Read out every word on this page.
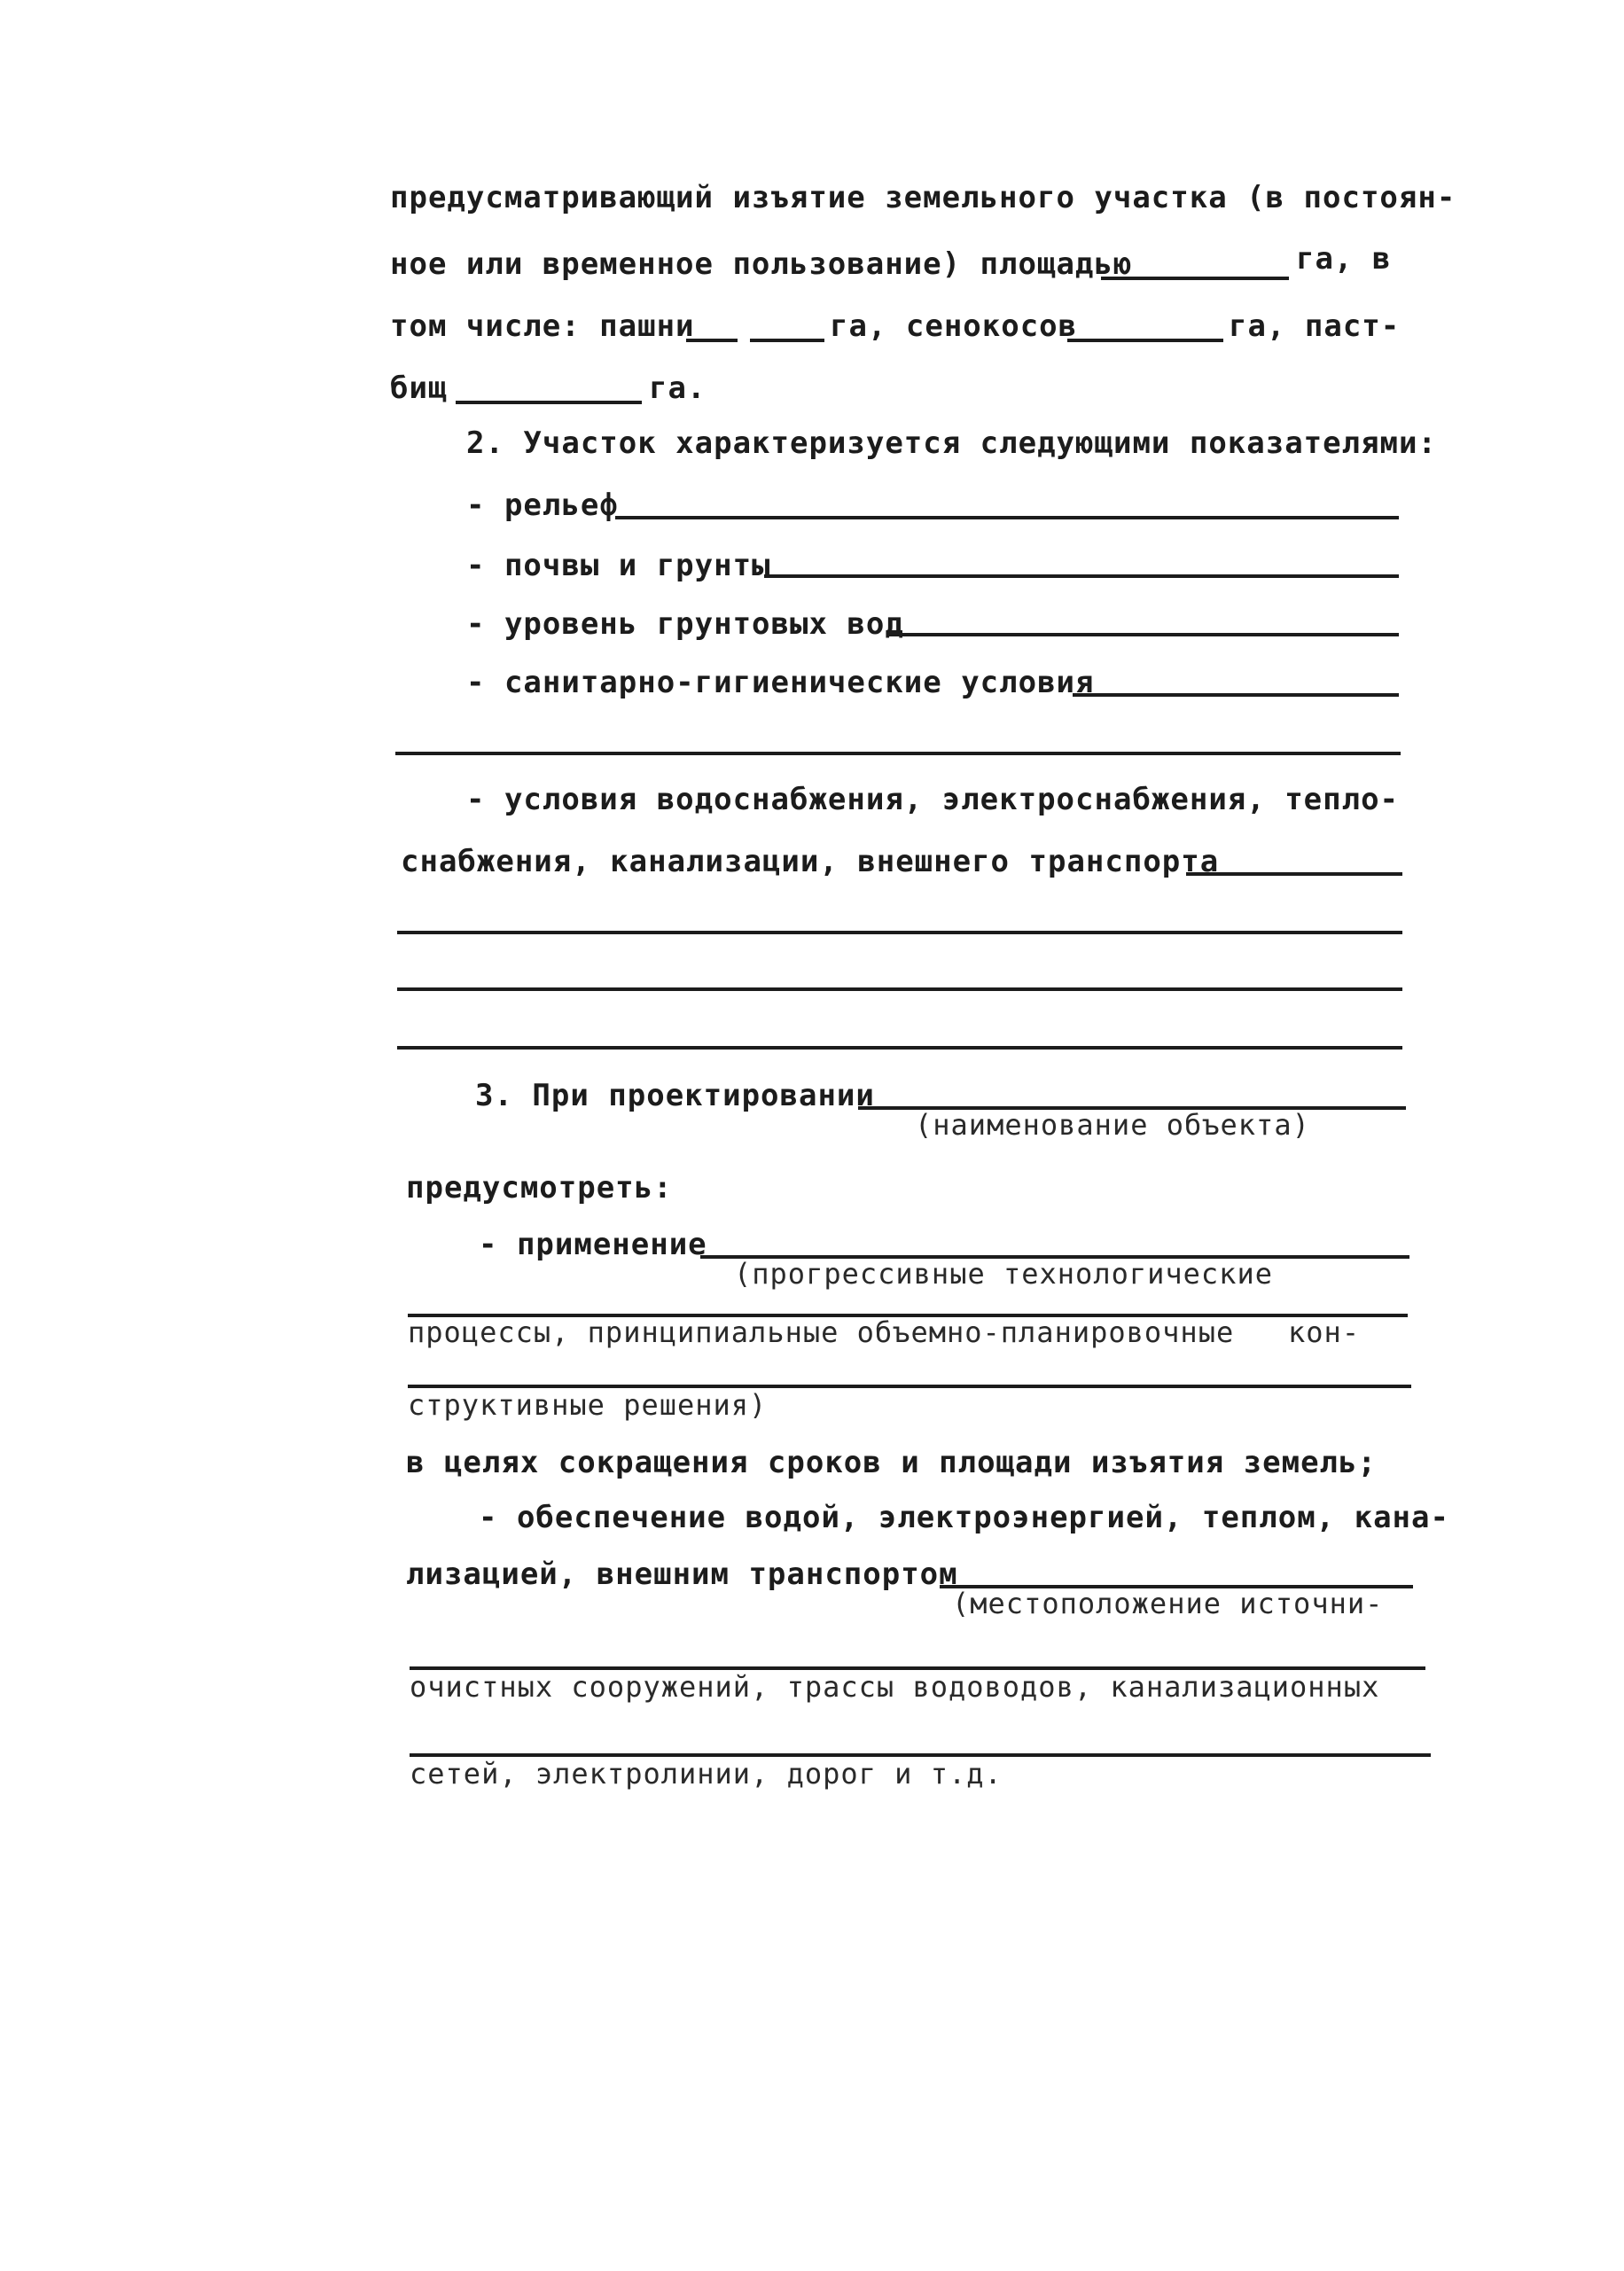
предусматривающий изъятие земельного участка (в постоян-
ное или временное пользование) площадью	га, в
том числе: пашни	га, сенокосов	га, паст-
бищ	га.
2. Участок характеризуется следующими показателями:
- рельеф
- почвы и грунты
- уровень грунтовых вод
- санитарно-гигиенические условия
- условия водоснабжения, электроснабжения, тепло-
снабжения, канализации, внешнего транспорта
3. При проектировании
(наименование объекта)
предусмотреть:
- применение
(прогрессивные технологические
процессы, принципиальные объемно-планировочные   кон-
структивные решения)
в целях сокращения сроков и площади изъятия земель;
- обеспечение водой, электроэнергией, теплом, кана-
лизацией, внешним транспортом
(местоположение источни-
очистных сооружений, трассы водоводов, канализационных
сетей, электролинии, дорог и т.д.
